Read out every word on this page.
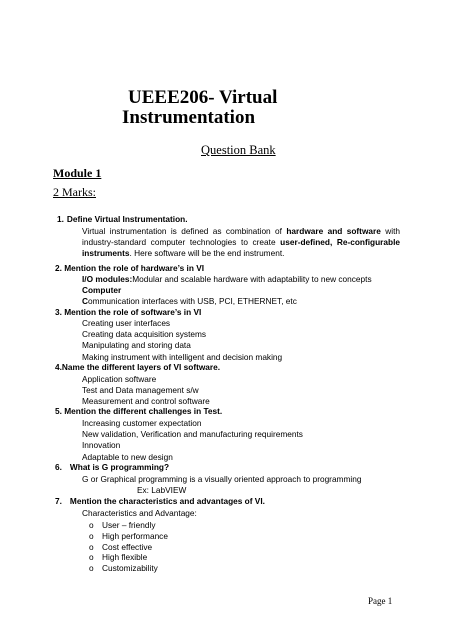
UEEE206- Virtual
Instrumentation
Question Bank
Module 1
2 Marks:
1. Define Virtual Instrumentation.
Virtual instrumentation is defined as combination of hardware and software with
industry-standard computer technologies to create user-defined, Re-configurable
instruments. Here software will be the end instrument.
2. Mention the role of hardware’s in VI
I/O modules:Modular and scalable hardware with adaptability to new concepts
Computer
Communication interfaces with USB, PCI, ETHERNET, etc
3. Mention the role of software’s in VI
Creating user interfaces
Creating data acquisition systems
Manipulating and storing data
Making instrument with intelligent and decision making
4.Name the different layers of VI software.
Application software
Test and Data management s/w
Measurement and control software
5. Mention the different challenges in Test.
Increasing customer expectation
New validation, Verification and manufacturing requirements
Innovation
Adaptable to new design
6. What is G programming?
G or Graphical programming is a visually oriented approach to programming
Ex: LabVIEW
7. Mention the characteristics and advantages of VI.
Characteristics and Advantage:
o User – friendly
o High performance
o Cost effective
o High flexible
o Customizability
Page 1
